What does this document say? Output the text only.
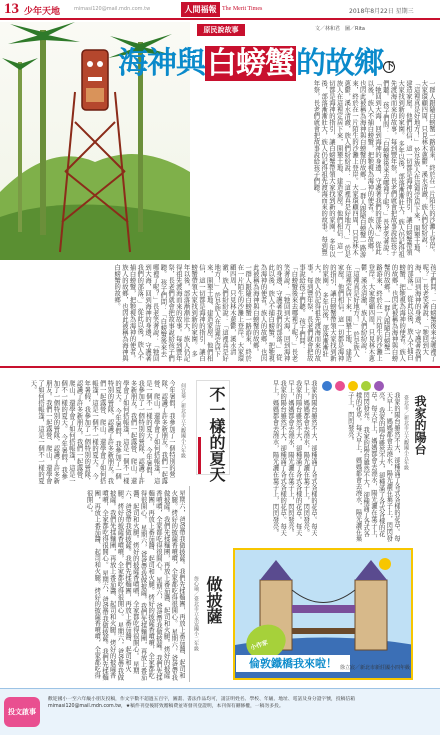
13 少年天地	mimasi120@mail.mdn.com.tw	人間福報 The Merit Times	2018年8月22日 星期三
原民說故事	文／林和君　圖／Rita
海神與白螃蟹的故鄉 下
一群人跟隨白螃蟹一路游來，終於在一片陌生的沙灘上登岸。大家環顧四周，只見林木蔥鬱，溪水清澈，族人們紛紛說：「這裡真是好地方！」 於是族人在這裡定居下來，開墾土地、建造家屋。他們相信，這一切都是海神的指引，讓白螃蟹帶領大家找到新的家園。 多年以後，部落漸漸壯大，族人仍記得祖先渡海而來的故事。每到豐年祭，長老們就會把故事說給孩子們聽。 孩子們問：「白螃蟹後來去哪裡了呢？」長老笑著說：「牠回到大海，回到海神的身邊，守護著我們的部落。」 從此以後，族人不捕白螃蟹，把牠視為海神的使者。族人的故鄉，也因此被稱為海神與白螃蟹的故鄉。 一群人跟隨白螃蟹一路游來，終於在一片陌生的沙灘上登岸。大家環顧四周，只見林木蔥鬱，溪水清澈，族人們紛紛說：「這裡真是好地方！」 於是族人在這裡定居下來，開墾土地、建造家屋。他們相信，這一切都是海神的指引，讓白螃蟹帶領大家找到新的家園。 多年以後，部落漸漸壯大，族人仍記得祖先渡海而來的故事。每到豐年祭，長老們就會把故事說給孩子們聽。
孩子們問：「白螃蟹後來去哪裡了呢？」長老笑著說：「牠回到大海，回到海神的身邊，守護著我們的部落。」 從此以後，族人不捕白螃蟹，把牠視為海神的使者。族人的故鄉，也因此被稱為海神與白螃蟹的故鄉。 一群人跟隨白螃蟹一路游來，終於在一片陌生的沙灘上登岸。大家環顧四周，只見林木蔥鬱，溪水清澈，族人們紛紛說：「這裡真是好地方！」 於是族人在這裡定居下來，開墾土地、建造家屋。他們相信，這一切都是海神的指引，讓白螃蟹帶領大家找到新的家園。 多年以後，部落漸漸壯大，族人仍記得祖先渡海而來的故事。每到豐年祭，長老們就會把故事說給孩子們聽。 孩子們問：「白螃蟹後來去哪裡了呢？」長老笑著說：「牠回到大海，回到海神的身邊，守護著我們的部落。」 從此以後，族人不捕白螃蟹，把牠視為海神的使者。族人的故鄉，也因此被稱為海神與白螃蟹的故鄉。 一群人跟隨白螃蟹一路游來，終於在一片陌生的沙灘上登岸。大家環顧四周，只見林木蔥鬱，溪水清澈，族人們紛紛說：「這裡真是好地方！」 於是族人在這裡定居下來，開墾土地、建造家屋。他們相信，這一切都是海神的指引，讓白螃蟹帶領大家找到新的家園。 多年以後，部落漸漸壯大，族人仍記得祖先渡海而來的故事。每到豐年祭，長老們就會把故事說給孩子們聽。 孩子們問：「白螃蟹後來去哪裡了呢？」長老笑著說：「牠回到大海，回到海神的身邊，守護著我們的部落。」 從此以後，族人不捕白螃蟹，把牠視為海神的使者。族人的故鄉，也因此被稱為海神與白螃蟹的故鄉。
我家的陽台
臺北市／新北市立大觀國小五年級
我家的陽台雖然不大，卻種滿了各式各樣的花草。每天早上，媽媽都會去澆水，陽光灑在葉子上，閃閃發亮。 我家的陽台雖然不大，卻種滿了各式各樣的花草。每天早上，媽媽都會去澆水，陽光灑在葉子上，閃閃發亮。 我家的陽台雖然不大，卻種滿了各式各樣的花草。每天早上，媽媽都會去澆水，陽光灑在葉子上，閃閃發亮。
我家的陽台雖然不大，卻種滿了各式各樣的花草。每天早上，媽媽都會去澆水，陽光灑在葉子上，閃閃發亮。 我家的陽台雖然不大，卻種滿了各式各樣的花草。每天早上，媽媽都會去澆水，陽光灑在葉子上，閃閃發亮。 我家的陽台雖然不大，卻種滿了各式各樣的花草。每天早上，媽媽都會去澆水，陽光灑在葉子上，閃閃發亮。
不一樣的夏天
何宜蓁／新北市立大觀國小六年級
今年暑假，我參加了一個特別的營隊，認識了許多新朋友。我們一起露營、爬山，還學會了如何搭帳篷，這是一個不一樣的夏天。 今年暑假，我參加了一個特別的營隊，認識了許多新朋友。我們一起露營、爬山，還學會了如何搭帳篷，這是一個不一樣的夏天。 今年暑假，我參加了一個特別的營隊，認識了許多新朋友。我們一起露營、爬山，還學會了如何搭帳篷，這是一個不一樣的夏天。 今年暑假，我參加了一個特別的營隊，認識了許多新朋友。我們一起露營、爬山，還學會了如何搭帳篷，這是一個不一樣的夏天。 今年暑假，我參加了一個特別的營隊，認識了許多新朋友。我們一起露營、爬山，還學會了如何搭帳篷，這是一個不一樣的夏天。
做披薩
詹心瑜／臺北市立永安國小二年級
星期六，爸爸帶我做披薩。我們先揉麵團，再放上番茄醬、起司和火腿。烤好的披薩香噴噴，全家都吃得很開心。 星期六，爸爸帶我做披薩。我們先揉麵團，再放上番茄醬、起司和火腿。烤好的披薩香噴噴，全家都吃得很開心。 星期六，爸爸帶我做披薩。我們先揉麵團，再放上番茄醬、起司和火腿。烤好的披薩香噴噴，全家都吃得很開心。 星期六，爸爸帶我做披薩。我們先揉麵團，再放上番茄醬、起司和火腿。烤好的披薩香噴噴，全家都吃得很開心。 星期六，爸爸帶我做披薩。我們先揉麵團，再放上番茄醬、起司和火腿。烤好的披薩香噴噴，全家都吃得很開心。 星期六，爸爸帶我做披薩。我們先揉麵團，再放上番茄醬、起司和火腿。烤好的披薩香噴噴，全家都吃得很開心。 星期六，爸爸帶我做披薩。我們先揉麵團，再放上番茄醬、起司和火腿。烤好的披薩香噴噴，全家都吃得很開心。
小作家
倫敦鐵橋我來啦！ 徐立宸／新北市新莊國小四年級
投文啟事
歡迎國小一至六年級小朋友投稿，作文字數不超過五百字，圖畫、書法作品均可，請註明姓名、學校、年級、地址、電話及身分證字號，投稿信箱 mimasi120@mail.mdn.com.tw，★稿件刊登後將致贈稿費並寄發刊登證明，本刊保有刪修權，一稿勿多投。
